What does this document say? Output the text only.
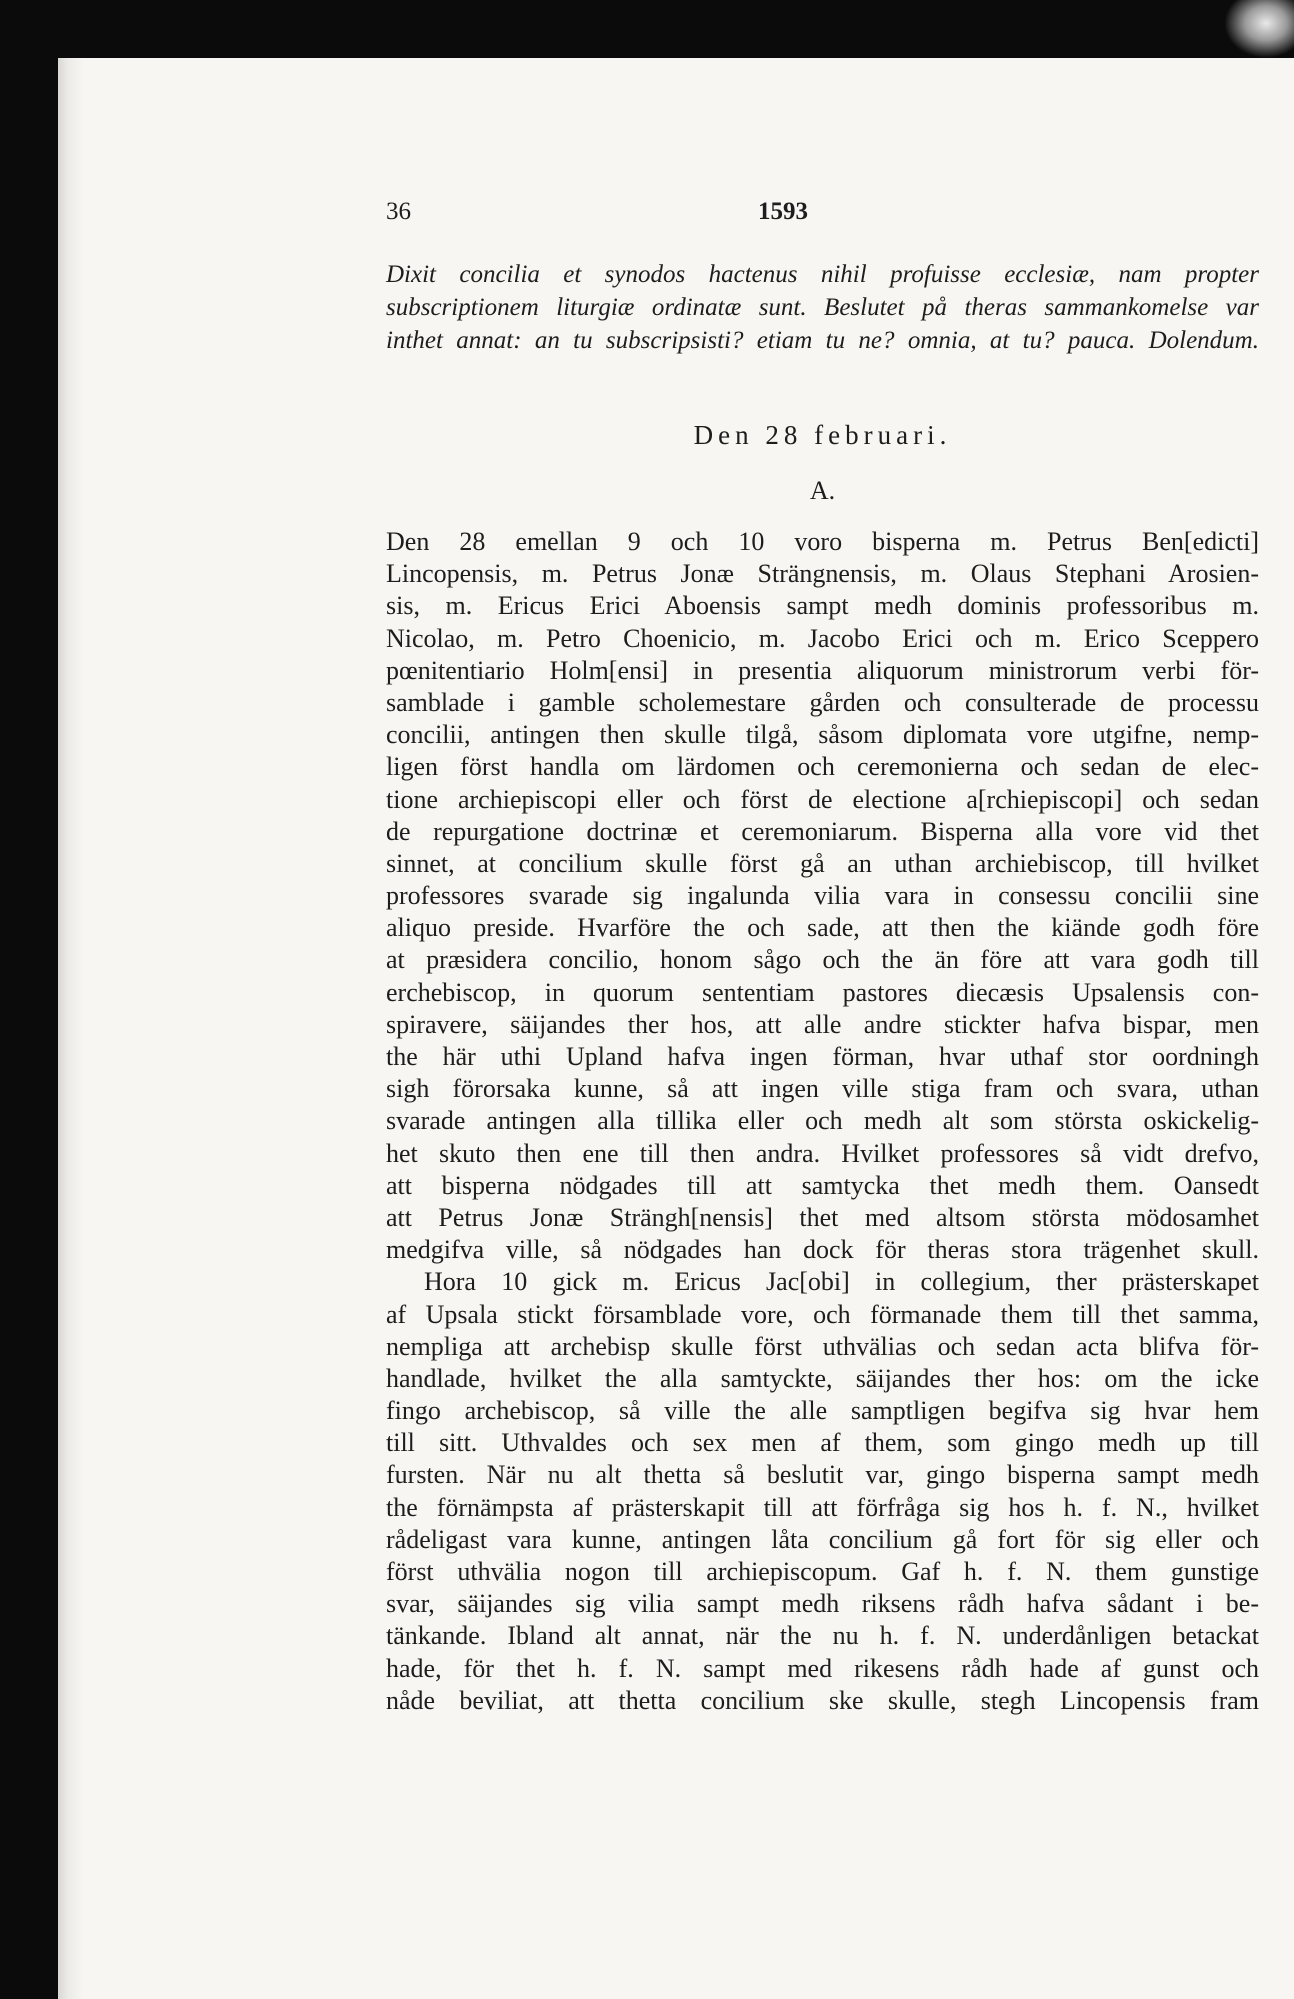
36	1593
Dixit concilia et synodos hactenus nihil profuisse ecclesiæ, nam propter
subscriptionem liturgiæ ordinatæ sunt. Beslutet på theras sammankomelse var
inthet annat: an tu subscripsisti? etiam tu ne? omnia, at tu? pauca. Dolendum.
Den 28 februari.
A.
Den 28 emellan 9 och 10 voro bisperna m. Petrus Ben[edicti]
Lincopensis, m. Petrus Jonæ Strängnensis, m. Olaus Stephani Arosien-
sis, m. Ericus Erici Aboensis sampt medh dominis professoribus m.
Nicolao, m. Petro Choenicio, m. Jacobo Erici och m. Erico Sceppero
pœnitentiario Holm[ensi] in presentia aliquorum ministrorum verbi för-
samblade i gamble scholemestare gården och consulterade de processu
concilii, antingen then skulle tilgå, såsom diplomata vore utgifne, nemp-
ligen först handla om lärdomen och ceremonierna och sedan de elec-
tione archiepiscopi eller och först de electione a[rchiepiscopi] och sedan
de repurgatione doctrinæ et ceremoniarum. Bisperna alla vore vid thet
sinnet, at concilium skulle först gå an uthan archiebiscop, till hvilket
professores svarade sig ingalunda vilia vara in consessu concilii sine
aliquo preside. Hvarföre the och sade, att then the kiände godh före
at præsidera concilio, honom sågo och the än före att vara godh till
erchebiscop, in quorum sententiam pastores diecæsis Upsalensis con-
spiravere, säijandes ther hos, att alle andre stickter hafva bispar, men
the här uthi Upland hafva ingen förman, hvar uthaf stor oordningh
sigh förorsaka kunne, så att ingen ville stiga fram och svara, uthan
svarade antingen alla tillika eller och medh alt som största oskickelig-
het skuto then ene till then andra. Hvilket professores så vidt drefvo,
att bisperna nödgades till att samtycka thet medh them. Oansedt
att Petrus Jonæ Strängh[nensis] thet med altsom största mödosamhet
medgifva ville, så nödgades han dock för theras stora trägenhet skull.
Hora 10 gick m. Ericus Jac[obi] in collegium, ther prästerskapet
af Upsala stickt församblade vore, och förmanade them till thet samma,
nempliga att archebisp skulle först uthvälias och sedan acta blifva för-
handlade, hvilket the alla samtyckte, säijandes ther hos: om the icke
fingo archebiscop, så ville the alle samptligen begifva sig hvar hem
till sitt. Uthvaldes och sex men af them, som gingo medh up till
fursten. När nu alt thetta så beslutit var, gingo bisperna sampt medh
the förnämpsta af prästerskapit till att förfråga sig hos h. f. N., hvilket
rådeligast vara kunne, antingen låta concilium gå fort för sig eller och
först uthvälia nogon till archiepiscopum. Gaf h. f. N. them gunstige
svar, säijandes sig vilia sampt medh riksens rådh hafva sådant i be-
tänkande. Ibland alt annat, när the nu h. f. N. underdånligen betackat
hade, för thet h. f. N. sampt med rikesens rådh hade af gunst och
nåde beviliat, att thetta concilium ske skulle, stegh Lincopensis fram
